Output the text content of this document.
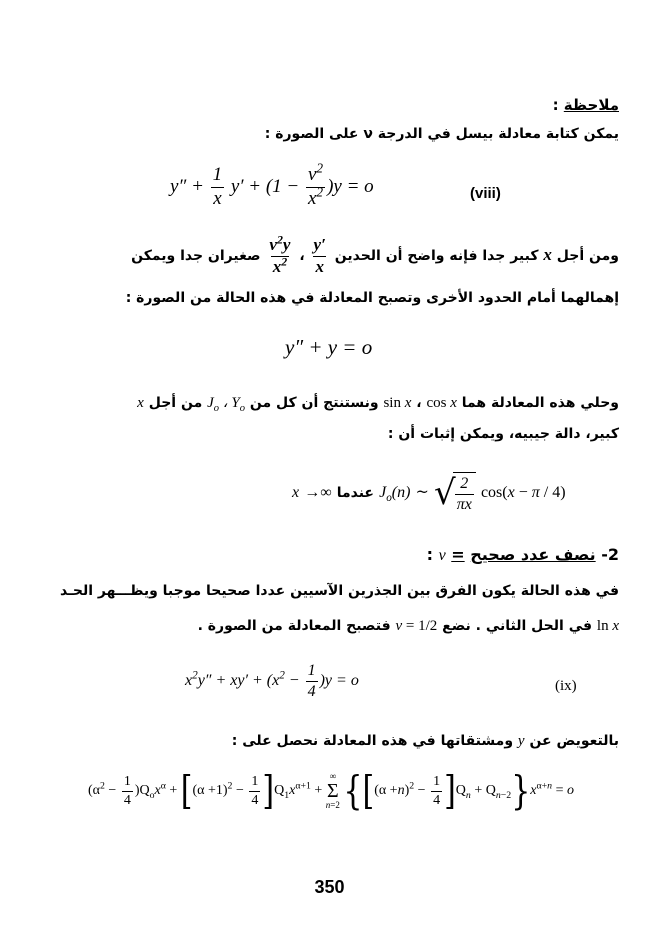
ملاحظة :
يمكن كتابة معادلة بيسل في الدرجة ν على الصورة :
$y'' + \frac{1}{x} y' + (1 - \frac{\nu^2}{x^2} )y = o$	(viii)
ومن أجل x كبير جدا فإنه واضح أن الحدين
$\frac{y'}{x}$
،
$\frac{\nu^2y}{x^2}$
صغيران جدا ويمكن
إهمالهما أمام الحدود الأخرى وتصبح المعادلة في هذه الحالة من الصورة :
y″ + y = o
وحلي هذه المعادلة هما sin x ، cos x ونستنتج أن كل من $J_o$ ، $Y_o$ من أجل x
كبير، دالة جيبيه، ويمكن إثبات أن :
x →∞ عندما $J_o(n)$ ~ √ $\frac{2}{\pi x} \cos(x - \pi / 4)$
-2 نصف عدد صحيح = ν :
في هذه الحالة يكون الفرق بين الجذرين الآسيين عددا صحيحا موجبا ويظـــهر الحـد
ln x في الحل الثاني . نضع ν = 1/2 فتصبح المعادلة من الصورة .
$x^2y'' + xy' + (x^2 - \frac{1}{4} )y = o$	(ix)
بالتعويض عن y ومشتقاتها في هذه المعادلة نحصل على :
$(\alpha^2 - \frac{1}{4} )Q_ox^\alpha + [(\alpha +1)^2 - \frac{1}{4} ]Q_1x^{\alpha+1}$ +
∞
Σ
n=2 $\{[(\alpha +n)^2 - \frac{1}{4} ]Q_n + Q_{n-2}\}x^{\alpha+n} = o$
350
